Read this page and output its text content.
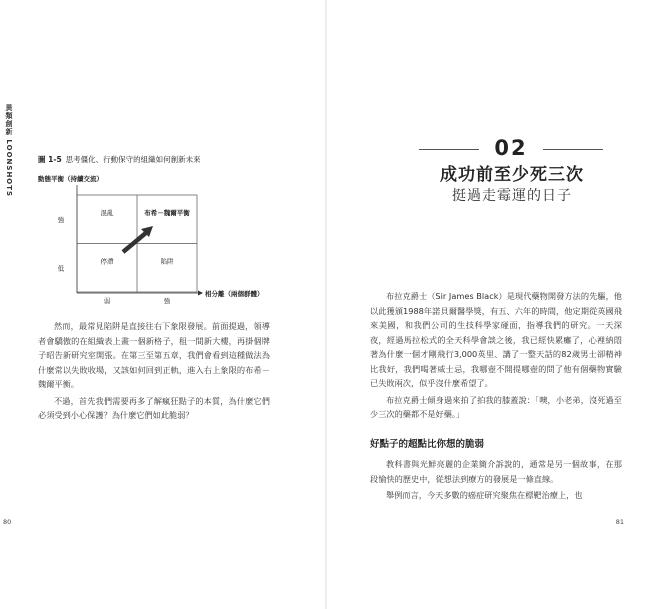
異類創新 LOONSHOTS	圖 1-5 思考僵化、行動保守的組織如何創新未來
動態平衡（持續交流）
相分離（兩個群體）
低
強
弱	強
混亂	布希－魏爾平衡
停滯	陷阱

然而，最常見陷阱是直接往右下象限發展。前面提過，領導者會驕傲的在組織表上畫一個新格子，租一間新大樓，再掛個牌子昭告新研究室開張。在第三至第五章，我們會看到這種做法為什麼常以失敗收場，又該如何回到正軌，進入右上象限的布希－魏爾平衡。

不過，首先我們需要再多了解瘋狂點子的本質，為什麼它們必須受到小心保護？為什麼它們如此脆弱？

80
02
成功前至少死三次
挺過走霉運的日子

布拉克爵士（Sir James Black）是現代藥物開發方法的先驅，他以此獲頒1988年諾貝爾醫學獎，有五、六年的時間，他定期從英國飛來美國，和我們公司的生技科學家碰面，指導我們的研究。一天深夜，經過馬拉松式的全天科學會談之後，我已經快累癱了，心裡納悶著為什麼一個才剛飛行3,000英里、講了一整天話的82歲男士卻精神比我好，我們喝著威士忌，我哪壺不開提哪壺的問了他有個藥物實驗已失敗兩次，似乎沒什麼希望了。

布拉克爵士傾身過來拍了拍我的膝蓋說：「噢，小老弟，沒死過至少三次的藥都不是好藥。」

好點子的超點比你想的脆弱

教科書與光鮮亮麗的企業簡介訴說的，通常是另一個故事，在那段愉快的歷史中，從想法到療方的發展是一條直線。

舉例而言，今天多數的癌症研究聚焦在標靶治療上，也

81
